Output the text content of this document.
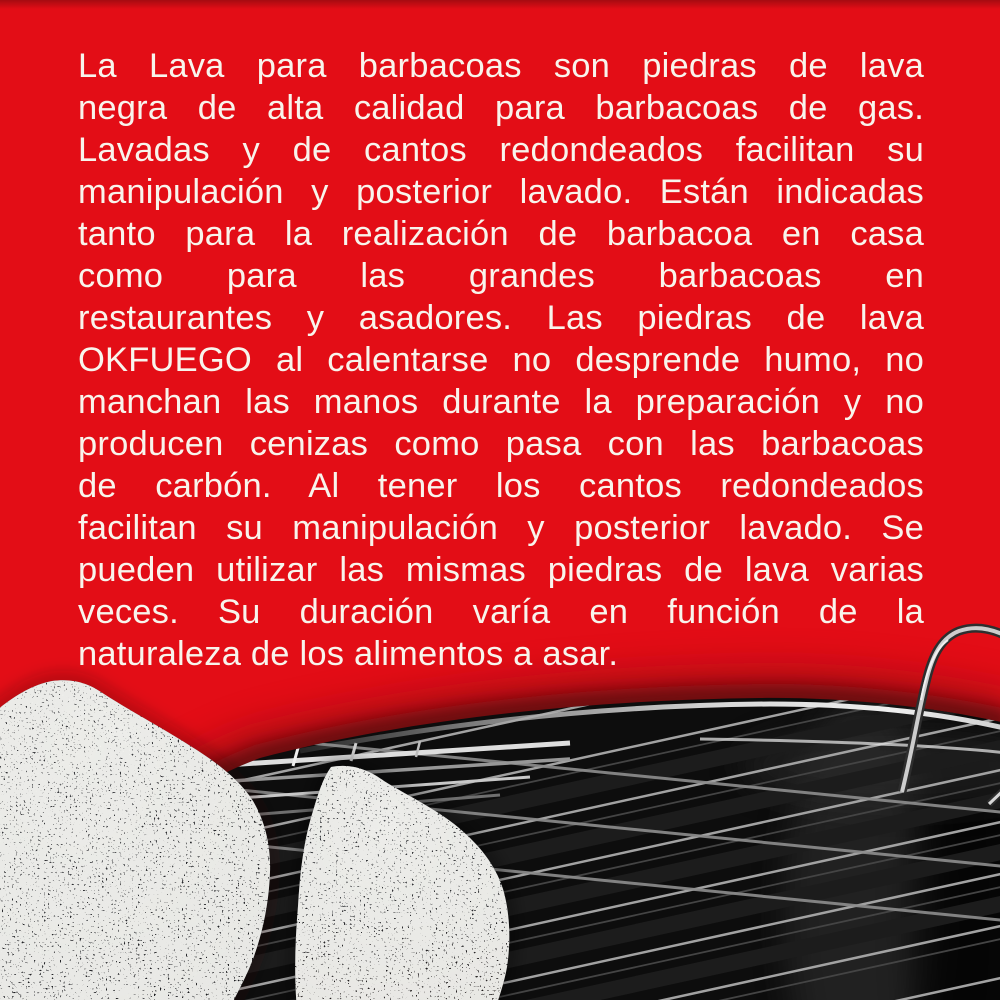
La Lava para barbacoas son piedras de lava
negra de alta calidad para barbacoas de gas.
Lavadas y de cantos redondeados facilitan su
manipulación y posterior lavado. Están indicadas
tanto para la realización de barbacoa en casa
como para las grandes barbacoas en
restaurantes y asadores. Las piedras de lava
OKFUEGO al calentarse no desprende humo, no
manchan las manos durante la preparación y no
producen cenizas como pasa con las barbacoas
de carbón. Al tener los cantos redondeados
facilitan su manipulación y posterior lavado. Se
pueden utilizar las mismas piedras de lava varias
veces. Su duración varía en función de la
naturaleza de los alimentos a asar.
